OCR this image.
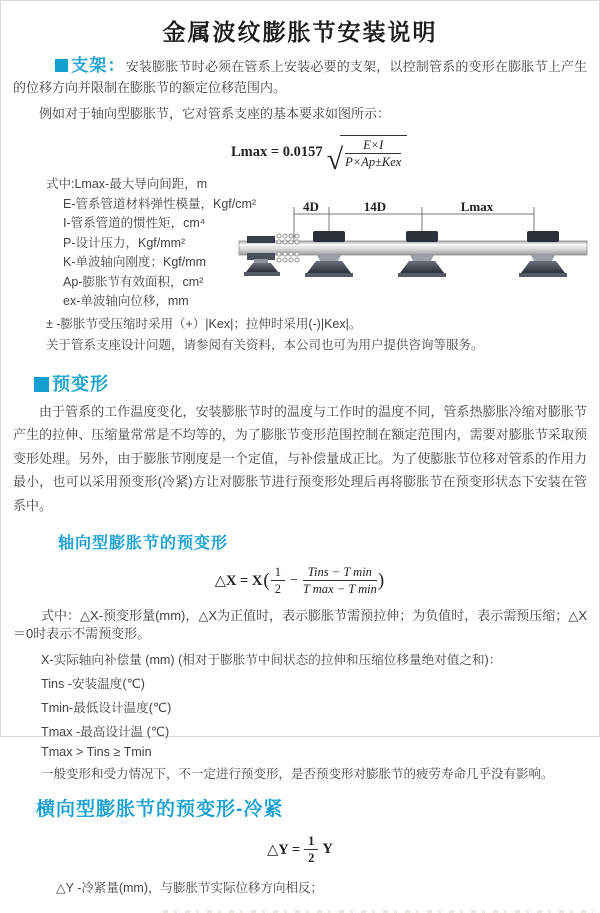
金属波纹膨胀节安装说明

支架：安装膨胀节时必须在管系上安装必要的支架，以控制管系的变形在膨胀节上产生的位移方向并限制在膨胀节的额定位移范围内。

例如对于轴向型膨胀节，它对管系支座的基本要求如图所示：

Lmax = 0.0157 √ $\frac{E\times I}{\text{P×Ap±Kex}}$
式中:Lmax-最大导向间距，m
E-管系管道材料弹性模量，Kgf/cm²
I-管系管道的惯性矩，cm⁴
P-设计压力，Kgf/mm²
K-单波轴向刚度；Kgf/mm
Ap-膨胀节有效面积，cm²
ex-单波轴向位移，mm
4D	14D	Lmax

± -膨胀节受压缩时采用（+）|Kex|；拉伸时采用(-)|Kex|。

关于管系支座设计问题，请参阅有关资料，本公司也可为用户提供咨询等服务。

预变形

由于管系的工作温度变化，安装膨胀节时的温度与工作时的温度不同，管系热膨胀冷缩对膨胀节产生的拉伸、压缩量常常是不均等的，为了膨胀节变形范围控制在额定范围内，需要对膨胀节采取预变形处理。另外，由于膨胀节刚度是一个定值，与补偿量成正比。为了使膨胀节位移对管系的作用力最小，也可以采用预变形(冷紧)方让对膨胀节进行预变形处理后再将膨胀节在预变形状态下安装在管系中。

轴向型膨胀节的预变形
△X = X ( $\frac{1}{2} - \frac{\text{Tins − T min}}{\text{T max − T min}}$ )

式中：△X-预变形量(mm)，△X为正值时，表示膨胀节需预拉伸；为负值时，表示需预压缩；△X＝0时表示不需预变形。

X-实际轴向补偿量 (mm) (相对于膨胀节中间状态的拉伸和压缩位移量绝对值之和)：
Tins -安装温度(℃)
Tmin-最低设计温度(℃)
Tmax -最高设计温 (℃)
Tmax > Tins ≥ Tmin

一般变形和受力情况下，不一定进行预变形，是否预变形对膨胀节的疲劳寿命几乎没有影响。

横向型膨胀节的预变形-冷紧
△Y = $\frac{1}{2}$ Y

△Y -冷紧量(mm)，与膨胀节实际位移方向相反；
